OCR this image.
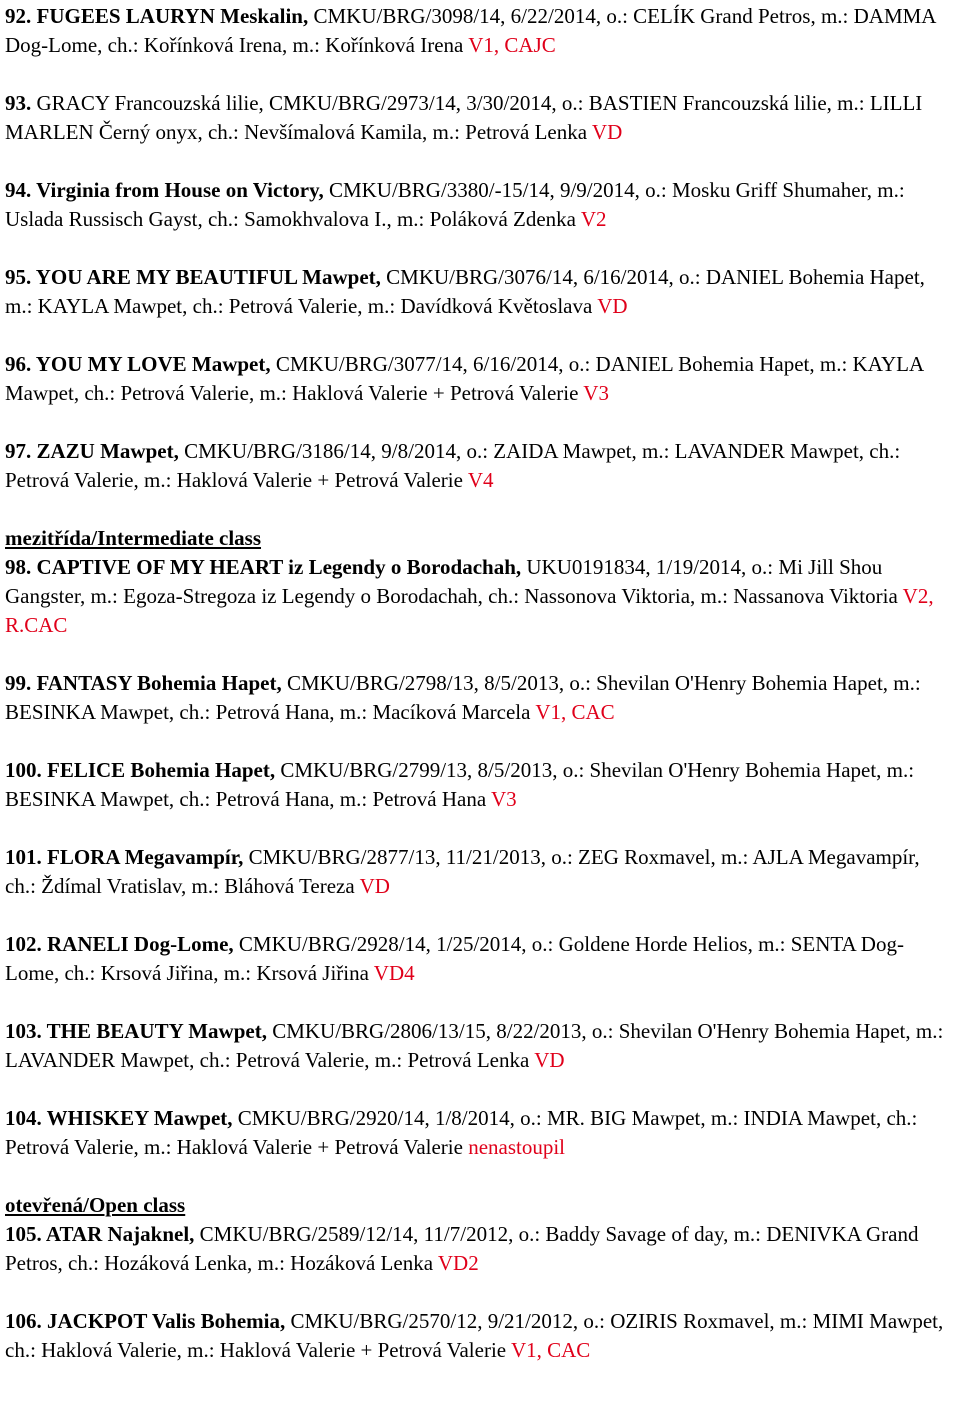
92. FUGEES LAURYN Meskalin, CMKU/BRG/3098/14, 6/22/2014, o.: CELÍK Grand Petros, m.: DAMMA Dog-Lome, ch.: Kořínková Irena, m.: Kořínková Irena V1, CAJC

93. GRACY Francouzská lilie, CMKU/BRG/2973/14, 3/30/2014, o.: BASTIEN Francouzská lilie, m.: LILLI MARLEN Černý onyx, ch.: Nevšímalová Kamila, m.: Petrová Lenka VD

94. Virginia from House on Victory, CMKU/BRG/3380/-15/14, 9/9/2014, o.: Mosku Griff Shumaher, m.: Uslada Russisch Gayst, ch.: Samokhvalova I., m.: Poláková Zdenka V2

95. YOU ARE MY BEAUTIFUL Mawpet, CMKU/BRG/3076/14, 6/16/2014, o.: DANIEL Bohemia Hapet, m.: KAYLA Mawpet, ch.: Petrová Valerie, m.: Davídková Květoslava VD

96. YOU MY LOVE Mawpet, CMKU/BRG/3077/14, 6/16/2014, o.: DANIEL Bohemia Hapet, m.: KAYLA Mawpet, ch.: Petrová Valerie, m.: Haklová Valerie + Petrová Valerie V3

97. ZAZU Mawpet, CMKU/BRG/3186/14, 9/8/2014, o.: ZAIDA Mawpet, m.: LAVANDER Mawpet, ch.: Petrová Valerie, m.: Haklová Valerie + Petrová Valerie V4

mezitřída/Intermediate class

98. CAPTIVE OF MY HEART iz Legendy o Borodachah, UKU0191834, 1/19/2014, o.: Mi Jill Shou Gangster, m.: Egoza-Stregoza iz Legendy o Borodachah, ch.: Nassonova Viktoria, m.: Nassanova Viktoria V2, R.CAC

99. FANTASY Bohemia Hapet, CMKU/BRG/2798/13, 8/5/2013, o.: Shevilan O'Henry Bohemia Hapet, m.: BESINKA Mawpet, ch.: Petrová Hana, m.: Macíková Marcela V1, CAC

100. FELICE Bohemia Hapet, CMKU/BRG/2799/13, 8/5/2013, o.: Shevilan O'Henry Bohemia Hapet, m.: BESINKA Mawpet, ch.: Petrová Hana, m.: Petrová Hana V3

101. FLORA Megavampír, CMKU/BRG/2877/13, 11/21/2013, o.: ZEG Roxmavel, m.: AJLA Megavampír, ch.: Ždímal Vratislav, m.: Bláhová Tereza VD

102. RANELI Dog-Lome, CMKU/BRG/2928/14, 1/25/2014, o.: Goldene Horde Helios, m.: SENTA Dog-Lome, ch.: Krsová Jiřina, m.: Krsová Jiřina VD4

103. THE BEAUTY Mawpet, CMKU/BRG/2806/13/15, 8/22/2013, o.: Shevilan O'Henry Bohemia Hapet, m.: LAVANDER Mawpet, ch.: Petrová Valerie, m.: Petrová Lenka VD

104. WHISKEY Mawpet, CMKU/BRG/2920/14, 1/8/2014, o.: MR. BIG Mawpet, m.: INDIA Mawpet, ch.: Petrová Valerie, m.: Haklová Valerie + Petrová Valerie nenastoupil

otevřená/Open class

105. ATAR Najaknel, CMKU/BRG/2589/12/14, 11/7/2012, o.: Baddy Savage of day, m.: DENIVKA Grand Petros, ch.: Hozáková Lenka, m.: Hozáková Lenka VD2

106. JACKPOT Valis Bohemia, CMKU/BRG/2570/12, 9/21/2012, o.: OZIRIS Roxmavel, m.: MIMI Mawpet, ch.: Haklová Valerie, m.: Haklová Valerie + Petrová Valerie V1, CAC
